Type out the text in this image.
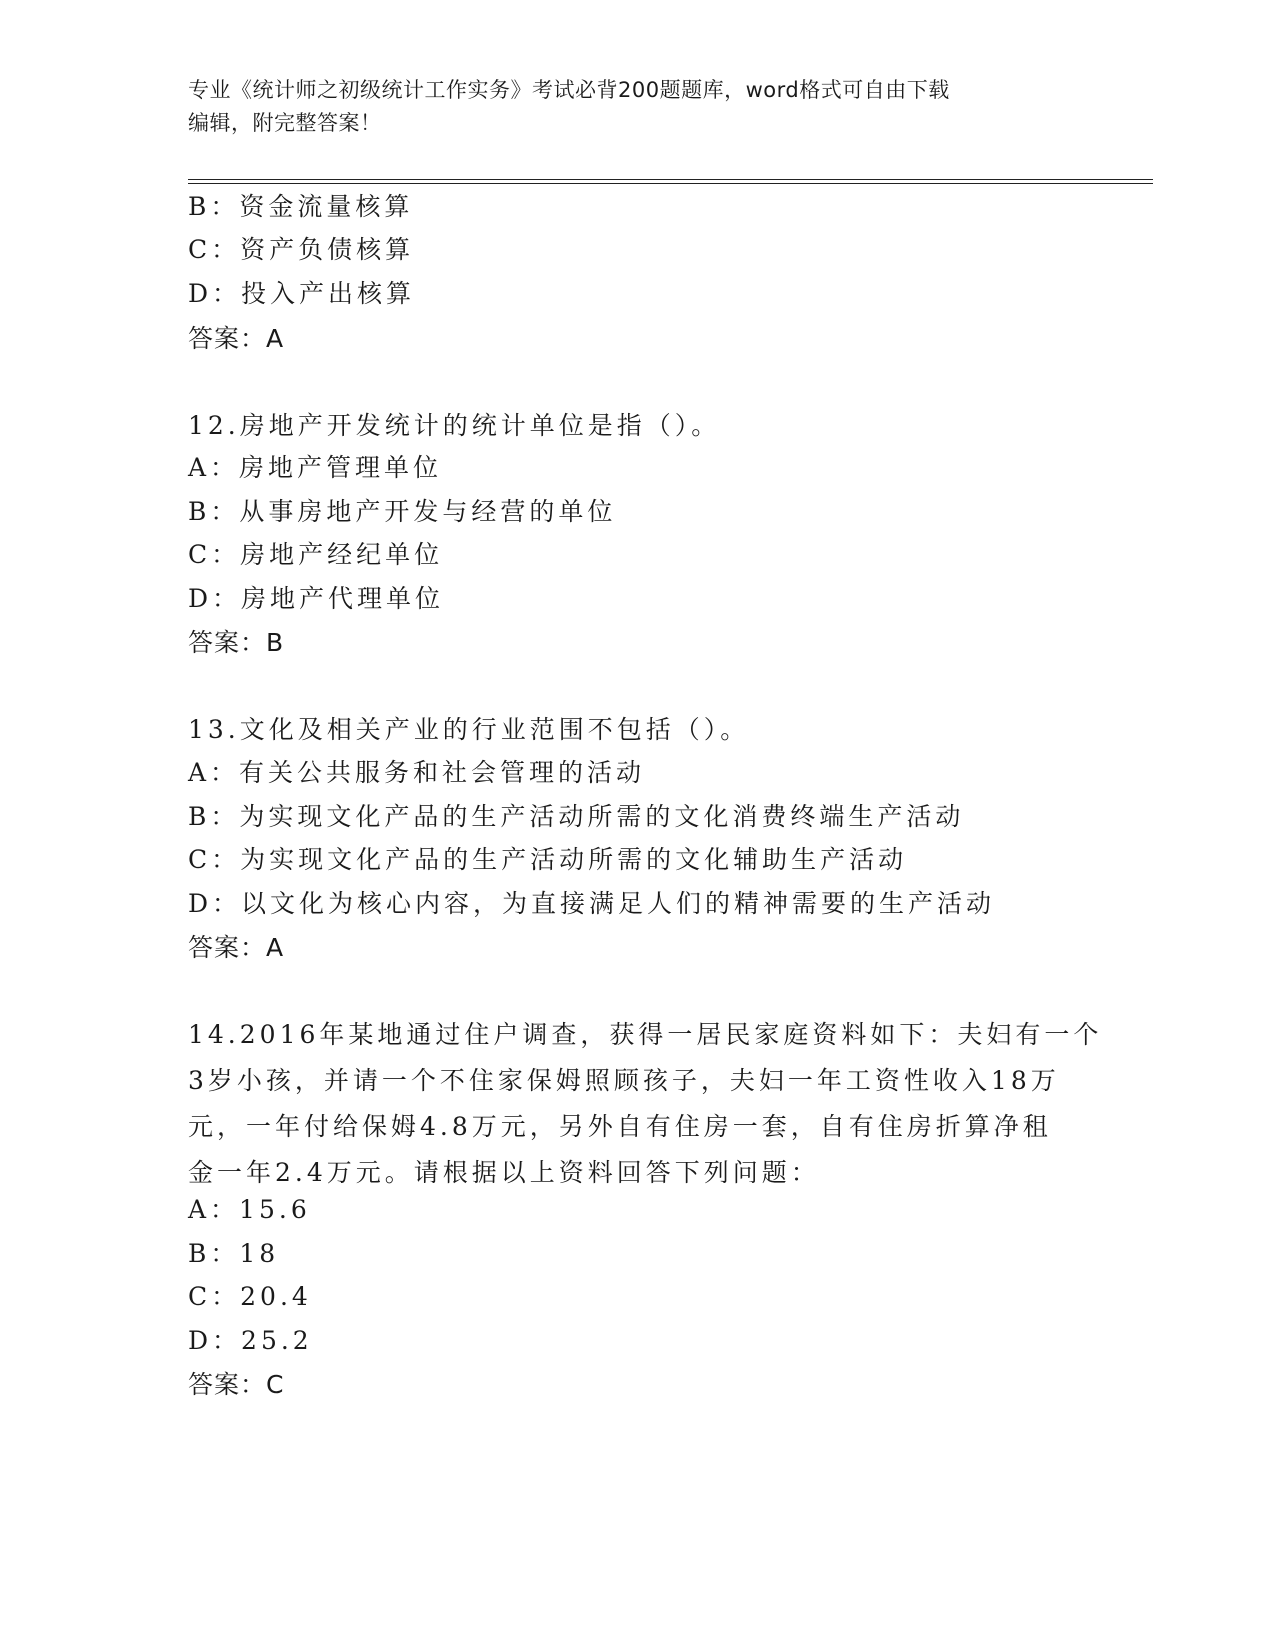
专业《统计师之初级统计工作实务》考试必背200题题库，word格式可自由下载
编辑，附完整答案！
B：资金流量核算
C：资产负债核算
D：投入产出核算
答案：A
12.房地产开发统计的统计单位是指（）。
A：房地产管理单位
B：从事房地产开发与经营的单位
C：房地产经纪单位
D：房地产代理单位
答案：B
13.文化及相关产业的行业范围不包括（）。
A：有关公共服务和社会管理的活动
B：为实现文化产品的生产活动所需的文化消费终端生产活动
C：为实现文化产品的生产活动所需的文化辅助生产活动
D：以文化为核心内容，为直接满足人们的精神需要的生产活动
答案：A
14.2016年某地通过住户调查，获得一居民家庭资料如下：夫妇有一个
3岁小孩，并请一个不住家保姆照顾孩子，夫妇一年工资性收入18万
元，一年付给保姆4.8万元，另外自有住房一套，自有住房折算净租
金一年2.4万元。请根据以上资料回答下列问题：
A：15.6
B：18
C：20.4
D：25.2
答案：C
